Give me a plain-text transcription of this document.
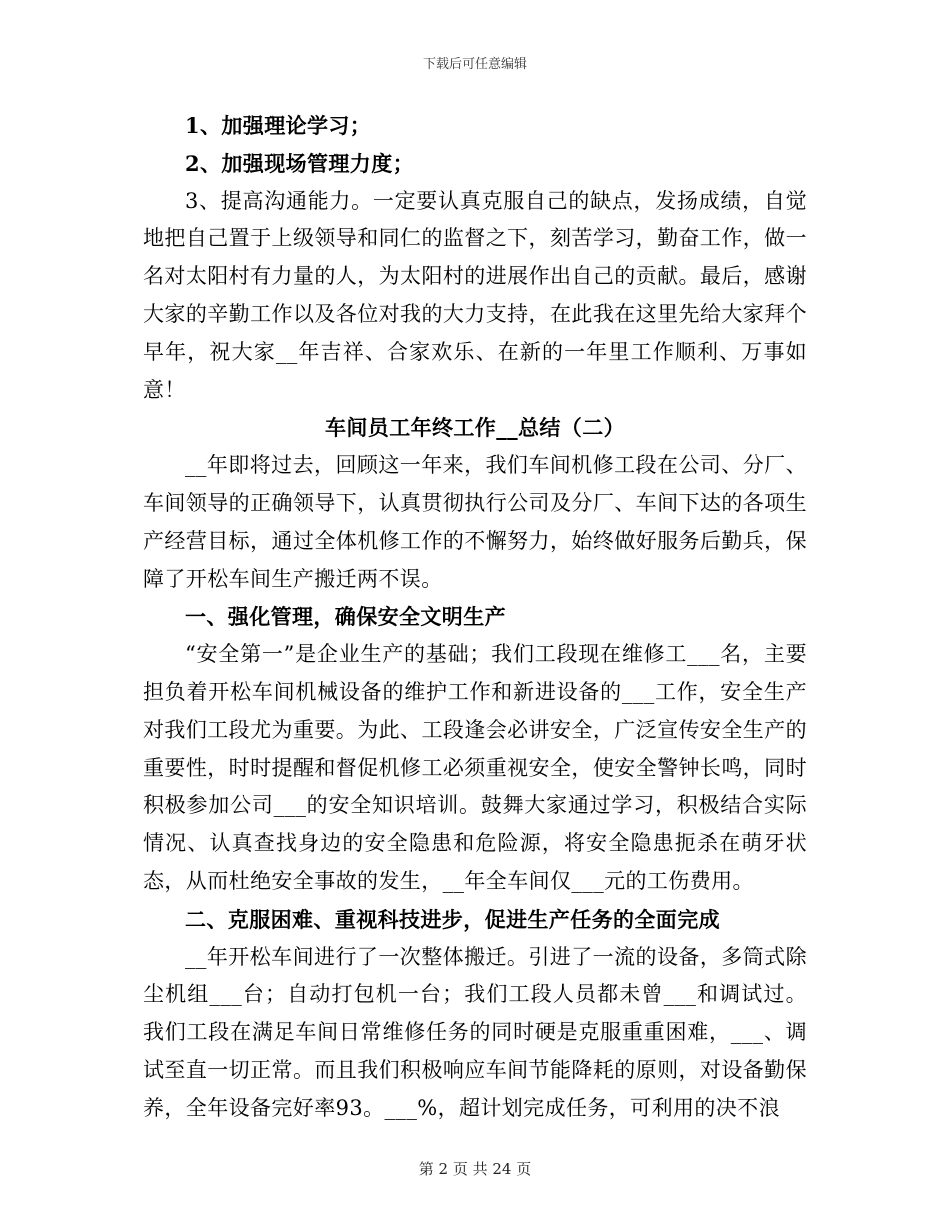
下载后可任意编辑

1、加强理论学习；

2、加强现场管理力度；

3、提高沟通能力。一定要认真克服自己的缺点，发扬成绩，自觉地把自己置于上级领导和同仁的监督之下，刻苦学习，勤奋工作，做一名对太阳村有力量的人，为太阳村的进展作出自己的贡献。最后，感谢大家的辛勤工作以及各位对我的大力支持，在此我在这里先给大家拜个早年，祝大家__年吉祥、合家欢乐、在新的一年里工作顺利、万事如意！

车间员工年终工作__总结（二）

__年即将过去，回顾这一年来，我们车间机修工段在公司、分厂、车间领导的正确领导下，认真贯彻执行公司及分厂、车间下达的各项生产经营目标，通过全体机修工作的不懈努力，始终做好服务后勤兵，保障了开松车间生产搬迁两不误。

一、强化管理，确保安全文明生产

“安全第一”是企业生产的基础；我们工段现在维修工___名，主要担负着开松车间机械设备的维护工作和新进设备的___工作，安全生产对我们工段尤为重要。为此、工段逢会必讲安全，广泛宣传安全生产的重要性，时时提醒和督促机修工必须重视安全，使安全警钟长鸣，同时积极参加公司___的安全知识培训。鼓舞大家通过学习，积极结合实际情况、认真查找身边的安全隐患和危险源，将安全隐患扼杀在萌牙状态，从而杜绝安全事故的发生，__年全车间仅___元的工伤费用。

二、克服困难、重视科技进步，促进生产任务的全面完成

__年开松车间进行了一次整体搬迁。引进了一流的设备，多筒式除尘机组___台；自动打包机一台；我们工段人员都未曾___和调试过。我们工段在满足车间日常维修任务的同时硬是克服重重困难，___、调试至直一切正常。而且我们积极响应车间节能降耗的原则，对设备勤保养，全年设备完好率93。___%，超计划完成任务，可利用的决不浪

第 2 页 共 24 页
